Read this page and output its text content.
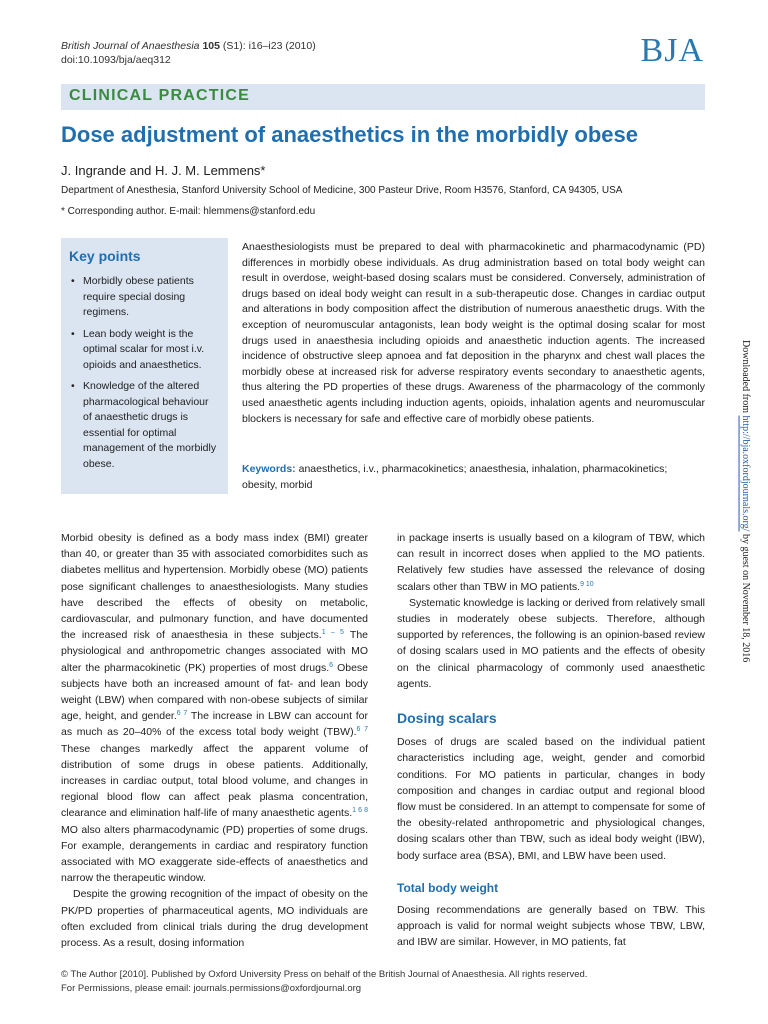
British Journal of Anaesthesia 105 (S1): i16–i23 (2010)
doi:10.1093/bja/aeq312	BJA
CLINICAL PRACTICE
Dose adjustment of anaesthetics in the morbidly obese
J. Ingrande and H. J. M. Lemmens*
Department of Anesthesia, Stanford University School of Medicine, 300 Pasteur Drive, Room H3576, Stanford, CA 94305, USA
* Corresponding author. E-mail: hlemmens@stanford.edu
Key points
• Morbidly obese patients require special dosing regimens.
• Lean body weight is the optimal scalar for most i.v. opioids and anaesthetics.
• Knowledge of the altered pharmacological behaviour of anaesthetic drugs is essential for optimal management of the morbidly obese.
Anaesthesiologists must be prepared to deal with pharmacokinetic and pharmacodynamic (PD) differences in morbidly obese individuals. As drug administration based on total body weight can result in overdose, weight-based dosing scalars must be considered. Conversely, administration of drugs based on ideal body weight can result in a sub-therapeutic dose. Changes in cardiac output and alterations in body composition affect the distribution of numerous anaesthetic drugs. With the exception of neuromuscular antagonists, lean body weight is the optimal dosing scalar for most drugs used in anaesthesia including opioids and anaesthetic induction agents. The increased incidence of obstructive sleep apnoea and fat deposition in the pharynx and chest wall places the morbidly obese at increased risk for adverse respiratory events secondary to anaesthetic agents, thus altering the PD properties of these drugs. Awareness of the pharmacology of the commonly used anaesthetic agents including induction agents, opioids, inhalation agents and neuromuscular blockers is necessary for safe and effective care of morbidly obese patients.
Keywords: anaesthetics, i.v., pharmacokinetics; anaesthesia, inhalation, pharmacokinetics; obesity, morbid

Morbid obesity is defined as a body mass index (BMI) greater than 40, or greater than 35 with associated comorbidites such as diabetes mellitus and hypertension. Morbidly obese (MO) patients pose significant challenges to anaesthesiologists. Many studies have described the effects of obesity on metabolic, cardiovascular, and pulmonary function, and have documented the increased risk of anaesthesia in these subjects.$^{1 - 5}$ The physiological and anthropometric changes associated with MO alter the pharmacokinetic (PK) properties of most drugs.$^6$ Obese subjects have both an increased amount of fat- and lean body weight (LBW) when compared with non-obese subjects of similar age, height, and gender.$^{6 7}$ The increase in LBW can account for as much as 20–40% of the excess total body weight (TBW).$^{6 7}$ These changes markedly affect the apparent volume of distribution of some drugs in obese patients. Additionally, increases in cardiac output, total blood volume, and changes in regional blood flow can affect peak plasma concentration, clearance and elimination half-life of many anaesthetic agents.$^{1 6 8}$ MO also alters pharmacodynamic (PD) properties of some drugs. For example, derangements in cardiac and respiratory function associated with MO exaggerate side-effects of anaesthetics and narrow the therapeutic window.

Despite the growing recognition of the impact of obesity on the PK/PD properties of pharmaceutical agents, MO individuals are often excluded from clinical trials during the drug development process. As a result, dosing information

in package inserts is usually based on a kilogram of TBW, which can result in incorrect doses when applied to the MO patients. Relatively few studies have assessed the relevance of dosing scalars other than TBW in MO patients.$^{9 10}$

Systematic knowledge is lacking or derived from relatively small studies in moderately obese subjects. Therefore, although supported by references, the following is an opinion-based review of dosing scalars used in MO patients and the effects of obesity on the clinical pharmacology of commonly used anaesthetic agents.

Dosing scalars

Doses of drugs are scaled based on the individual patient characteristics including age, weight, gender and comorbid conditions. For MO patients in particular, changes in body composition and changes in cardiac output and regional blood flow must be considered. In an attempt to compensate for some of the obesity-related anthropometric and physiological changes, dosing scalars other than TBW, such as ideal body weight (IBW), body surface area (BSA), BMI, and LBW have been used.

Total body weight

Dosing recommendations are generally based on TBW. This approach is valid for normal weight subjects whose TBW, LBW, and IBW are similar. However, in MO patients, fat

© The Author [2010]. Published by Oxford University Press on behalf of the British Journal of Anaesthesia. All rights reserved.
For Permissions, please email: journals.permissions@oxfordjournal.org
Downloaded from http://bja.oxfordjournals.org/ by guest on November 18, 2016
